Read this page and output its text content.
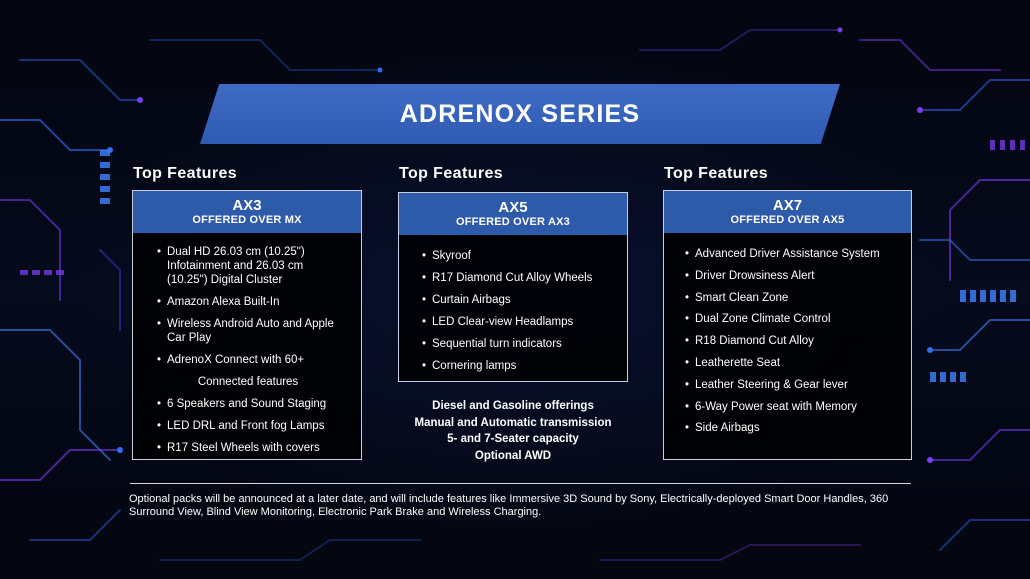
ADRENOX SERIES
Top Features
AX3
OFFERED OVER MX
• Dual HD 26.03 cm (10.25") Infotainment and 26.03 cm (10.25") Digital Cluster
• Amazon Alexa Built-In
• Wireless Android Auto and Apple Car Play
• AdrenoX Connect with 60+
Connected features
• 6 Speakers and Sound Staging
• LED DRL and Front fog Lamps
• R17 Steel Wheels with covers
Top Features
AX5
OFFERED OVER AX3
• Skyroof
• R17 Diamond Cut Alloy Wheels
• Curtain Airbags
• LED Clear-view Headlamps
• Sequential turn indicators
• Cornering lamps
Diesel and Gasoline offerings
Manual and Automatic transmission
5- and 7-Seater capacity
Optional AWD
Top Features
AX7
OFFERED OVER AX5
• Advanced Driver Assistance System
• Driver Drowsiness Alert
• Smart Clean Zone
• Dual Zone Climate Control
• R18 Diamond Cut Alloy
• Leatherette Seat
• Leather Steering & Gear lever
• 6-Way Power seat with Memory
• Side Airbags
Optional packs will be announced at a later date, and will include features like Immersive 3D Sound by Sony, Electrically-deployed Smart Door Handles, 360 Surround View, Blind View Monitoring, Electronic Park Brake and Wireless Charging.
